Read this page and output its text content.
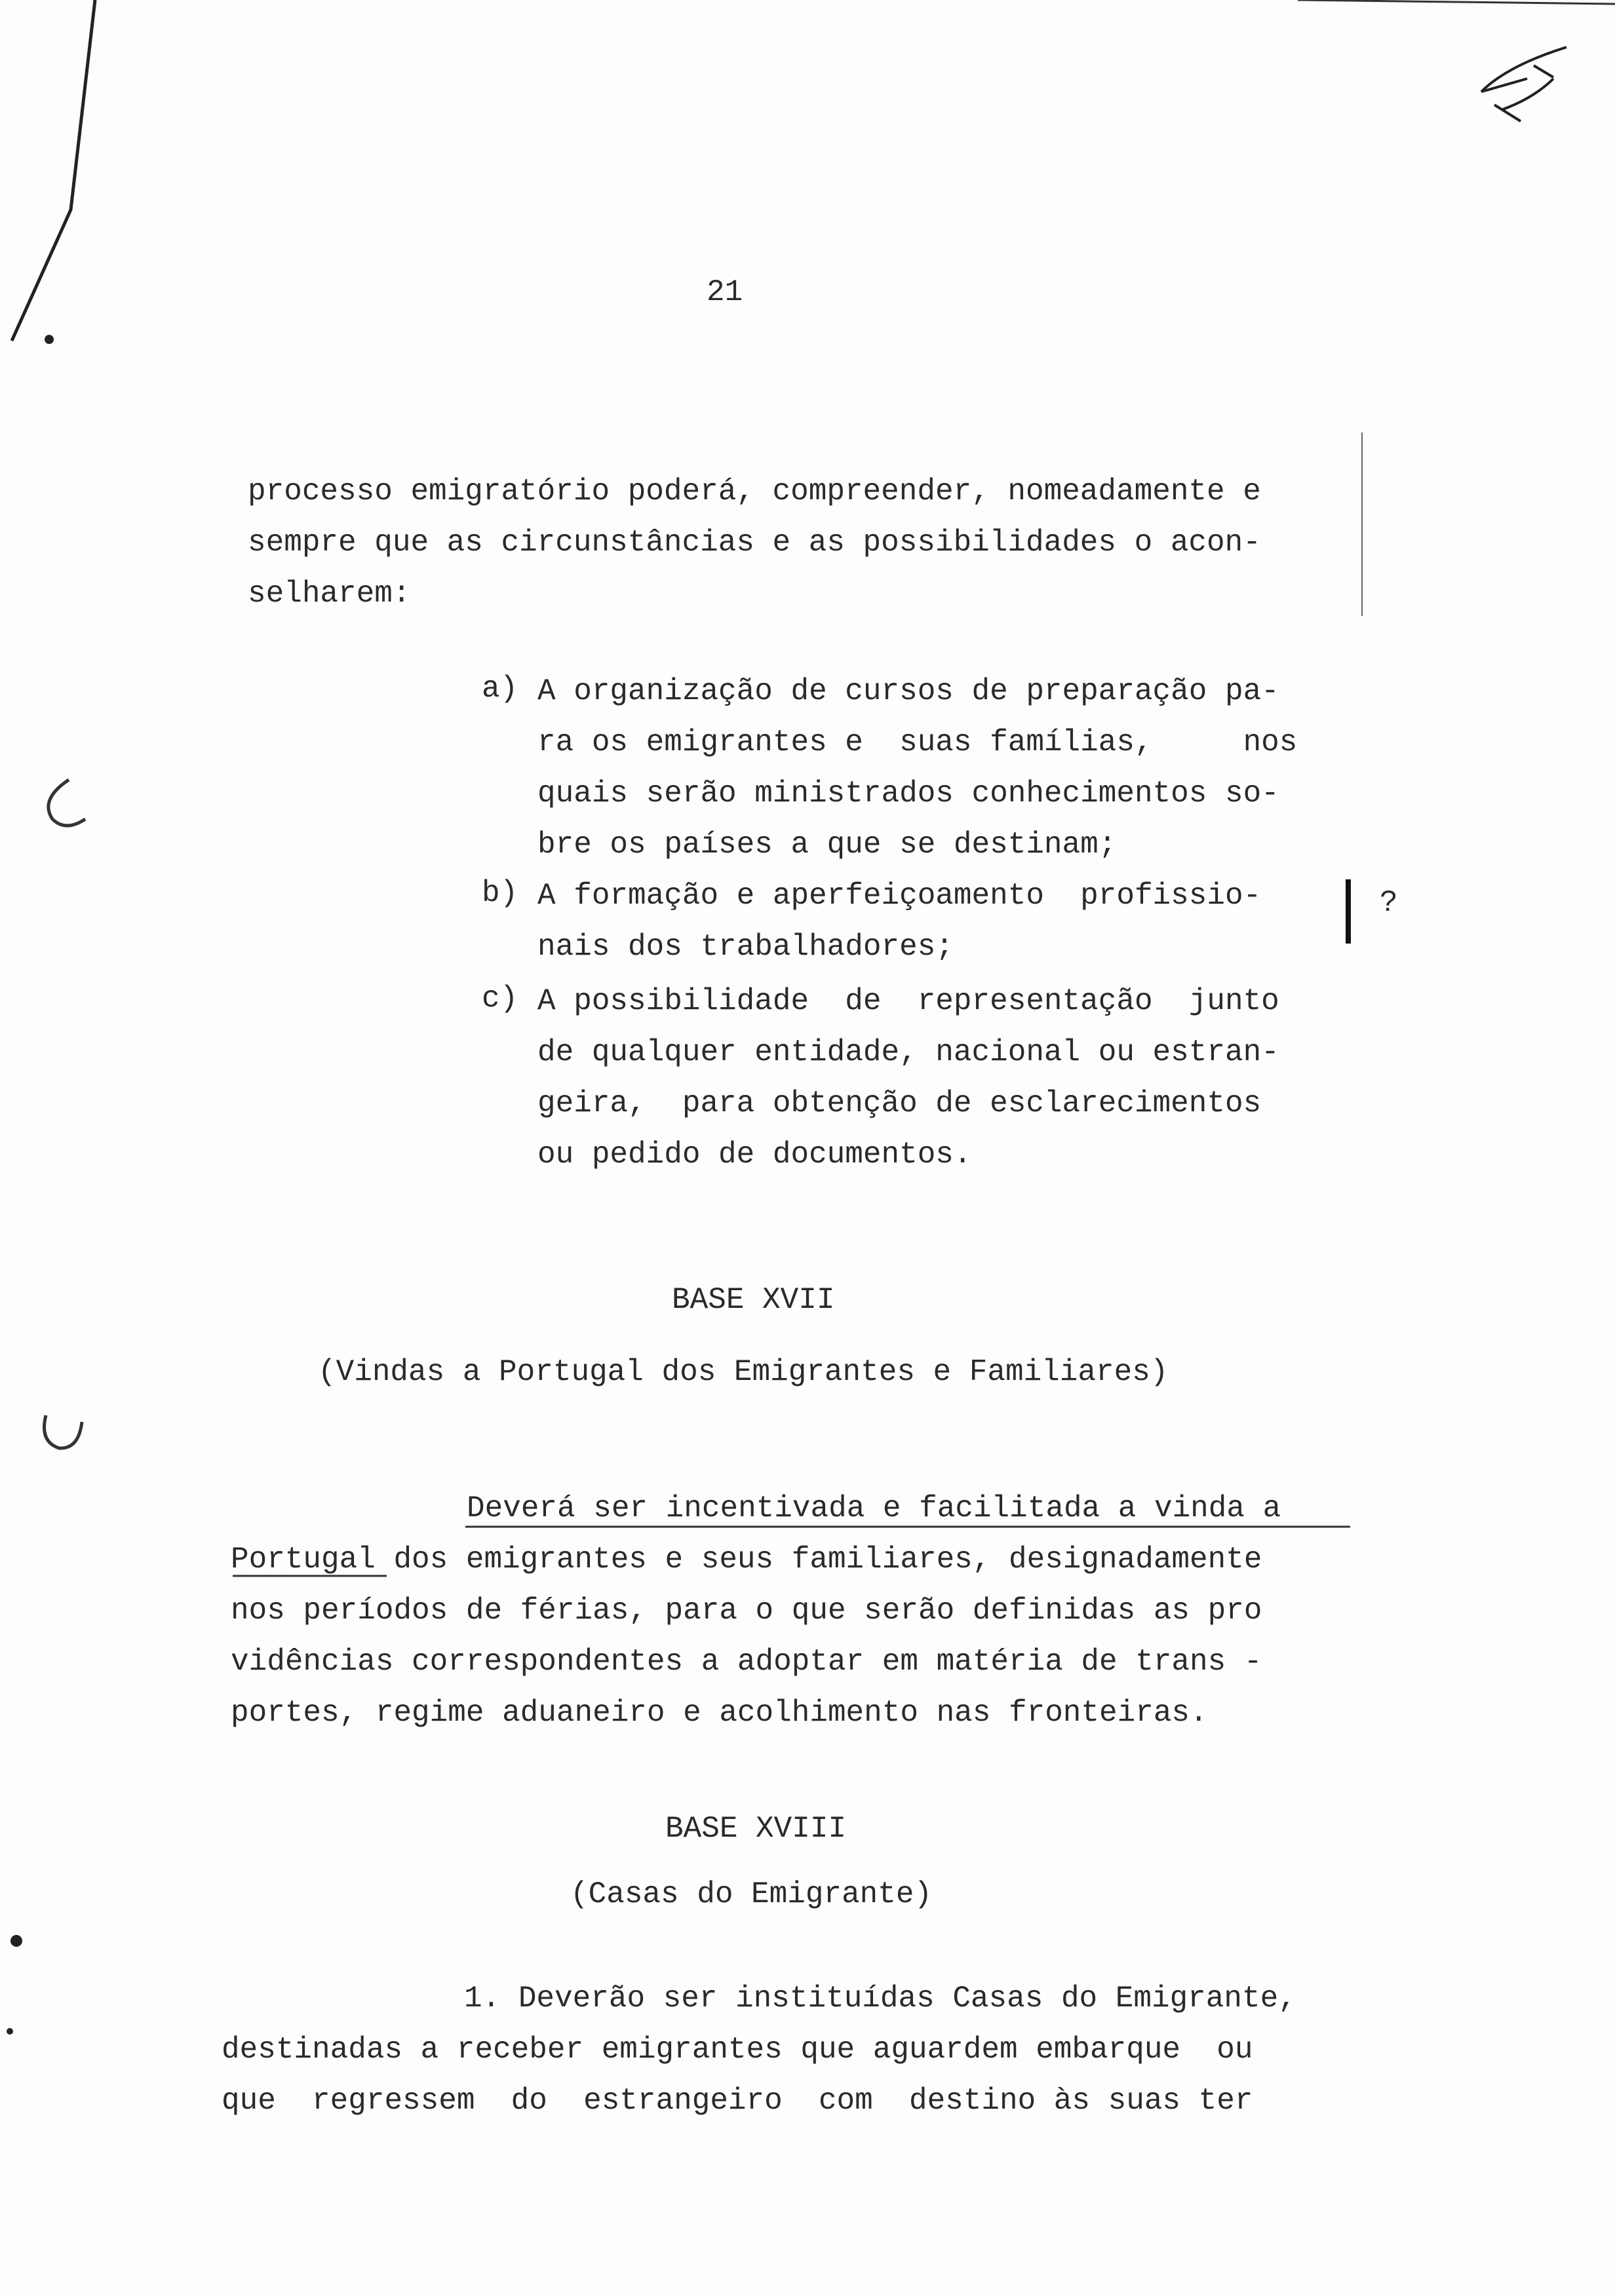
21

processo emigratório poderá, compreender, nomeadamente e

sempre que as circunstâncias e as possibilidades o acon-

selharem:

a) A organização de cursos de preparação pa-

ra os emigrantes e  suas famílias,     nos

quais serão ministrados conhecimentos so-

bre os países a que se destinam;

b) A formação e aperfeiçoamento  profissio-

nais dos trabalhadores;

c) A possibilidade  de  representação  junto

de qualquer entidade, nacional ou estran-

geira,  para obtenção de esclarecimentos

ou pedido de documentos.

?
BASE XVII
(Vindas a Portugal dos Emigrantes e Familiares)

Deverá ser incentivada e facilitada a vinda a

Portugal dos emigrantes e seus familiares, designadamente

nos períodos de férias, para o que serão definidas as pro

vidências correspondentes a adoptar em matéria de trans -

portes, regime aduaneiro e acolhimento nas fronteiras.

BASE XVIII
(Casas do Emigrante)

1. Deverão ser instituídas Casas do Emigrante,

destinadas a receber emigrantes que aguardem embarque  ou

que  regressem  do  estrangeiro  com  destino às suas ter
